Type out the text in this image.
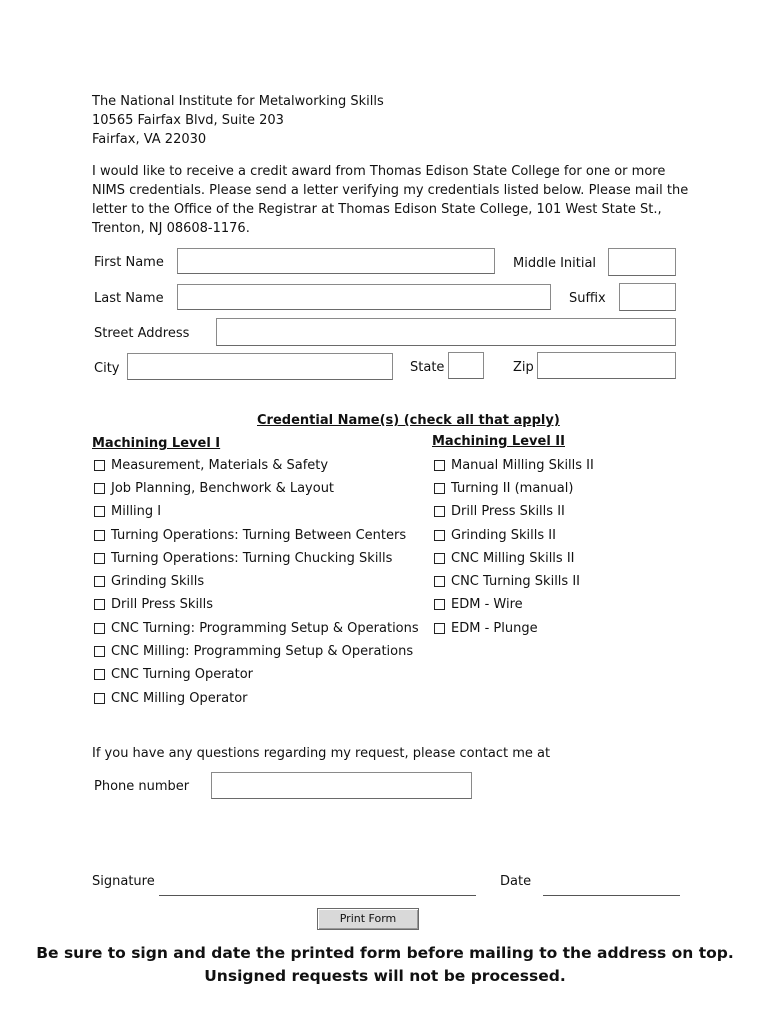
The National Institute for Metalworking Skills
10565 Fairfax Blvd, Suite 203
Fairfax, VA 22030
I would like to receive a credit award from Thomas Edison State College for one or more NIMS credentials. Please send a letter verifying my credentials listed below. Please mail the letter to the Office of the Registrar at Thomas Edison State College, 101 West State St., Trenton, NJ 08608-1176.
First Name	Middle Initial
Last Name	Suffix
Street Address
City	State	Zip
Credential Name(s) (check all that apply)
Machining Level I	Machining Level II
Measurement, Materials & Safety
Job Planning, Benchwork & Layout
Milling I
Turning Operations: Turning Between Centers
Turning Operations: Turning Chucking Skills
Grinding Skills
Drill Press Skills
CNC Turning: Programming Setup & Operations
CNC Milling: Programming Setup & Operations
CNC Turning Operator
CNC Milling Operator
Manual Milling Skills II
Turning II (manual)
Drill Press Skills II
Grinding Skills II
CNC Milling Skills II
CNC Turning Skills II
EDM - Wire
EDM - Plunge
If you have any questions regarding my request, please contact me at
Phone number
Signature	Date
Print Form
Be sure to sign and date the printed form before mailing to the address on top.
Unsigned requests will not be processed.
